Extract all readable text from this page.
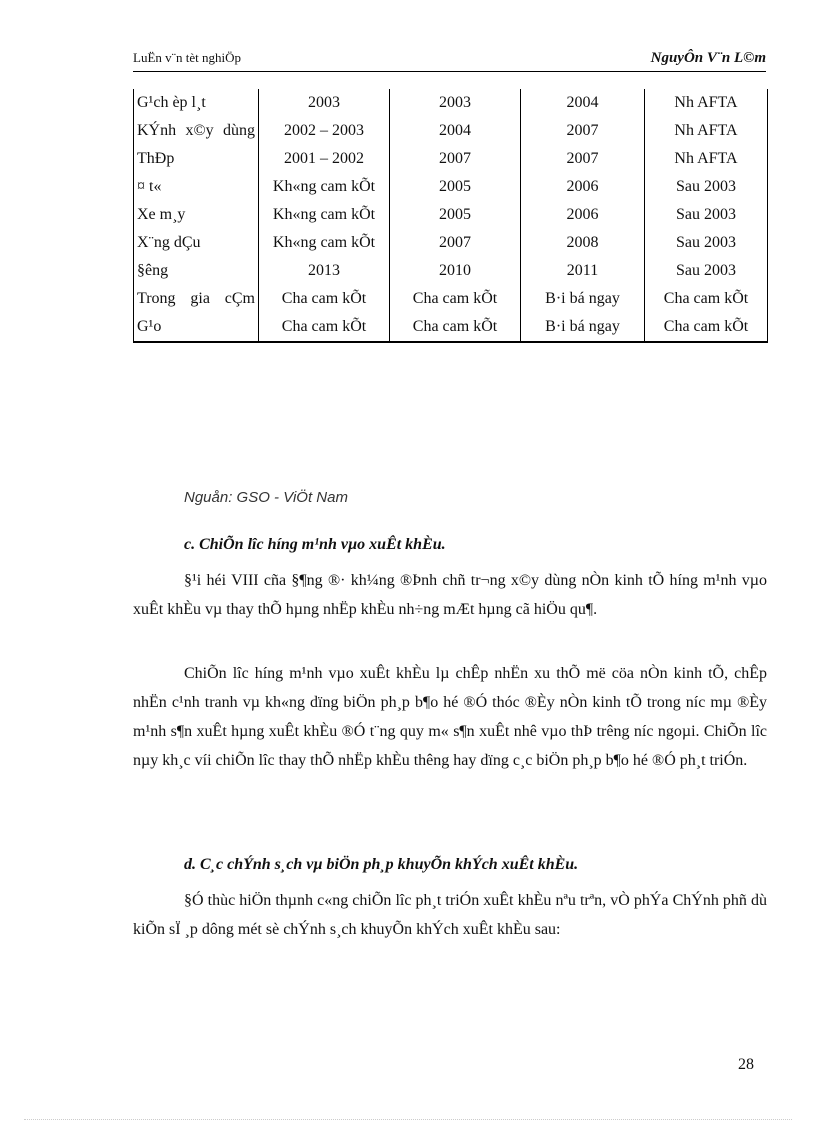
LuËn v¨n tèt nghiÖp	NguyÔn V¨n L©m
G¹ch èp l¸t	2003	2003	2004	Nh AFTA

KÝnh x©y dùng	2002 – 2003	2004	2007	Nh AFTA
ThÐp	2001 – 2002	2007	2007	Nh AFTA
¤ t«	Kh«ng cam kÕt	2005	2006	Sau 2003
Xe m¸y	Kh«ng cam kÕt	2005	2006	Sau 2003
X¨ng dÇu	Kh«ng cam kÕt	2007	2008	Sau 2003
§êng	2013	2010	2011	Sau 2003

Trong gia cÇm	Cha cam kÕt	Cha cam kÕt	B·i bá ngay	Cha cam kÕt
G¹o	Cha cam kÕt	Cha cam kÕt	B·i bá ngay	Cha cam kÕt
Nguån: GSO - ViÖt Nam
c. ChiÕn lîc híng m¹nh vµo xuÊt khÈu.

§¹i héi VIII cña §¶ng ®· kh¼ng ®Þnh chñ tr¬ng x©y dùng nÒn kinh tÕ híng m¹nh vµo xuÊt khÈu vµ thay thÕ hµng nhËp khÈu nh÷ng mÆt hµng cã hiÖu qu¶.

ChiÕn lîc híng m¹nh vµo xuÊt khÈu lµ chÊp nhËn xu thÕ më cöa nÒn kinh tÕ, chÊp nhËn c¹nh tranh vµ kh«ng dïng biÖn ph¸p b¶o hé ®Ó thóc ®Èy nÒn kinh tÕ trong níc mµ ®Èy m¹nh s¶n xuÊt hµng xuÊt khÈu ®Ó t¨ng quy m« s¶n xuÊt nhê vµo thÞ trêng níc ngoµi. ChiÕn lîc nµy kh¸c víi chiÕn lîc thay thÕ nhËp khÈu thêng hay dïng c¸c biÖn ph¸p b¶o hé ®Ó ph¸t triÓn.

d. C¸c chÝnh s¸ch vµ biÖn ph¸p khuyÕn khÝch xuÊt khÈu.

§Ó thùc hiÖn thµnh c«ng chiÕn lîc ph¸t triÓn xuÊt khÈu nªu trªn, vÒ phÝa ChÝnh phñ dù kiÕn sÏ ¸p dông mét sè chÝnh s¸ch khuyÕn khÝch xuÊt khÈu sau:

28
